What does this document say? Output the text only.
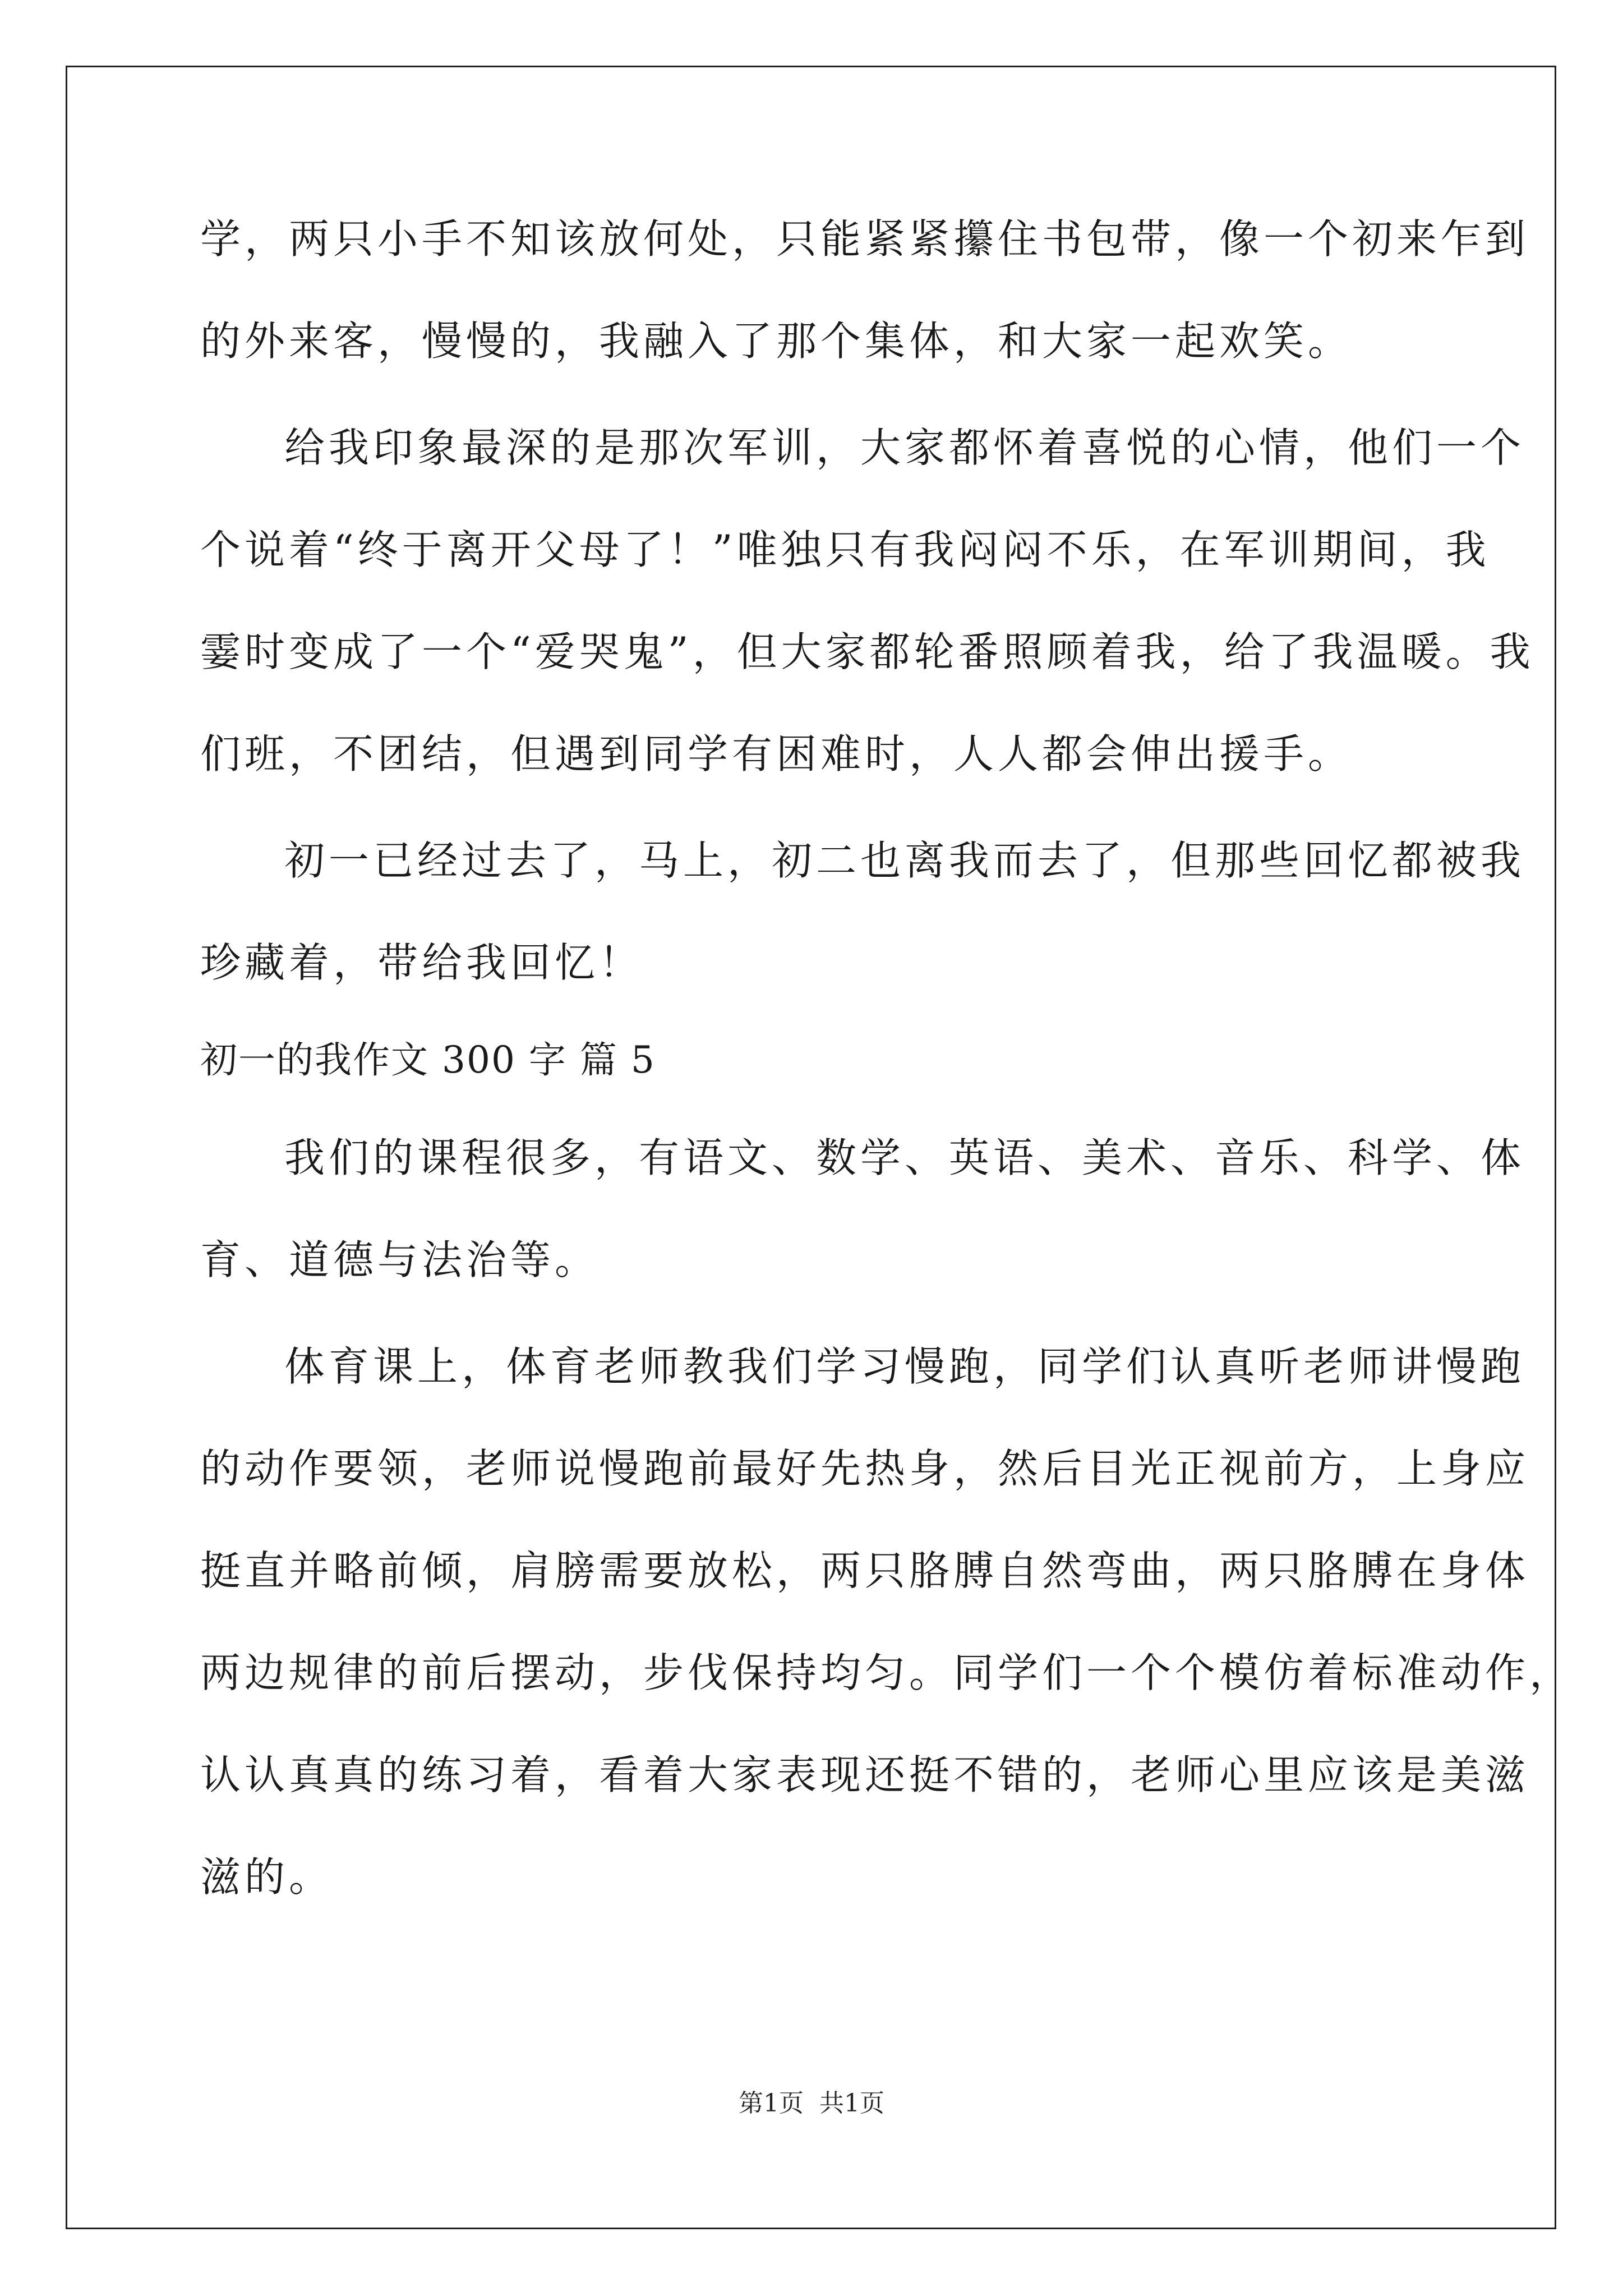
学，两只小手不知该放何处，只能紧紧攥住书包带，像一个初来乍到
的外来客，慢慢的，我融入了那个集体，和大家一起欢笑。
给我印象最深的是那次军训，大家都怀着喜悦的心情，他们一个
个说着“终于离开父母了！”唯独只有我闷闷不乐，在军训期间，我
霎时变成了一个“爱哭鬼”，但大家都轮番照顾着我，给了我温暖。我
们班，不团结，但遇到同学有困难时，人人都会伸出援手。
初一已经过去了，马上，初二也离我而去了，但那些回忆都被我
珍藏着，带给我回忆！
初一的我作文 300 字 篇 5
我们的课程很多，有语文、数学、英语、美术、音乐、科学、体
育、道德与法治等。
体育课上，体育老师教我们学习慢跑，同学们认真听老师讲慢跑
的动作要领，老师说慢跑前最好先热身，然后目光正视前方，上身应
挺直并略前倾，肩膀需要放松，两只胳膊自然弯曲，两只胳膊在身体
两边规律的前后摆动，步伐保持均匀。同学们一个个模仿着标准动作，
认认真真的练习着，看着大家表现还挺不错的，老师心里应该是美滋
滋的。
第1页 共1页
